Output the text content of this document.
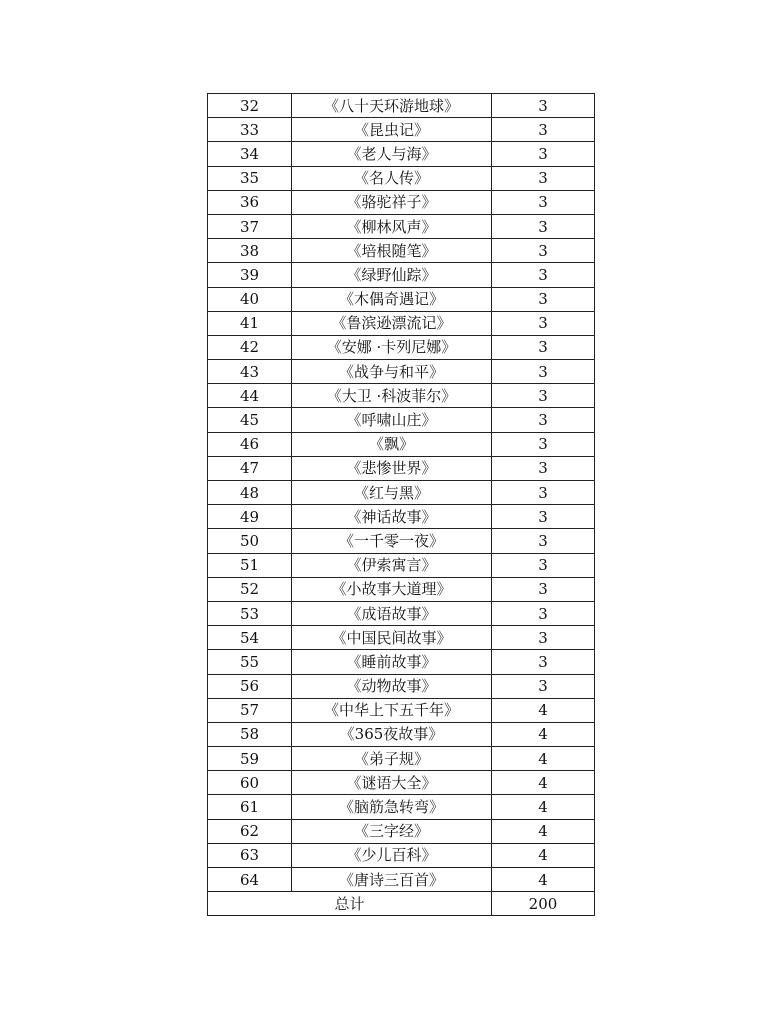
32	《八十天环游地球》	3
33	《昆虫记》	3
34	《老人与海》	3
35	《名人传》	3
36	《骆驼祥子》	3
37	《柳林风声》	3
38	《培根随笔》	3
39	《绿野仙踪》	3
40	《木偶奇遇记》	3
41	《鲁滨逊漂流记》	3
42	《安娜 ·卡列尼娜》	3
43	《战争与和平》	3
44	《大卫 ·科波菲尔》	3
45	《呼啸山庄》	3
46	《飘》	3
47	《悲惨世界》	3
48	《红与黑》	3
49	《神话故事》	3
50	《一千零一夜》	3
51	《伊索寓言》	3
52	《小故事大道理》	3
53	《成语故事》	3
54	《中国民间故事》	3
55	《睡前故事》	3
56	《动物故事》	3
57	《中华上下五千年》	4
58	《365夜故事》	4
59	《弟子规》	4
60	《谜语大全》	4
61	《脑筋急转弯》	4
62	《三字经》	4
63	《少儿百科》	4
64	《唐诗三百首》	4
总计		200
